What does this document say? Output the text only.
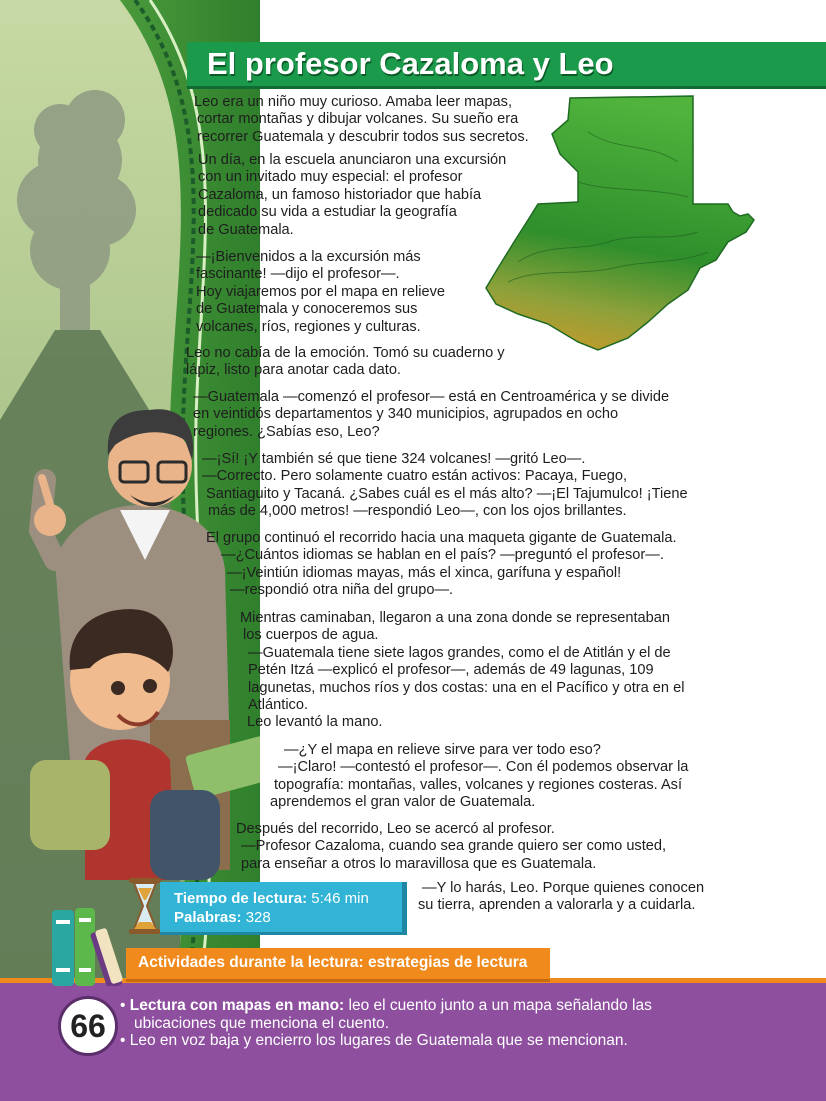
El profesor Cazaloma y Leo
Leo era un niño muy curioso. Amaba leer mapas,
cortar montañas y dibujar volcanes. Su sueño era
recorrer Guatemala y descubrir todos sus secretos.
Un día, en la escuela anunciaron una excursión
con un invitado muy especial: el profesor
Cazaloma, un famoso historiador que había
dedicado su vida a estudiar la geografía
de Guatemala.
—¡Bienvenidos a la excursión más
fascinante! —dijo el profesor—.
Hoy viajaremos por el mapa en relieve
de Guatemala y conoceremos sus
volcanes, ríos, regiones y culturas.
Leo no cabía de la emoción. Tomó su cuaderno y
lápiz, listo para anotar cada dato.
—Guatemala —comenzó el profesor— está en Centroamérica y se divide
en veintidós departamentos y 340 municipios, agrupados en ocho
regiones. ¿Sabías eso, Leo?
—¡Sí! ¡Y también sé que tiene 324 volcanes! —gritó Leo—.
—Correcto. Pero solamente cuatro están activos: Pacaya, Fuego,
Santiaguito y Tacaná. ¿Sabes cuál es el más alto? —¡El Tajumulco! ¡Tiene
más de 4,000 metros! —respondió Leo—, con los ojos brillantes.
El grupo continuó el recorrido hacia una maqueta gigante de Guatemala.
—¿Cuántos idiomas se hablan en el país? —preguntó el profesor—.
—¡Veintiún idiomas mayas, más el xinca, garífuna y español!
—respondió otra niña del grupo—.
Mientras caminaban, llegaron a una zona donde se representaban
los cuerpos de agua.
—Guatemala tiene siete lagos grandes, como el de Atitlán y el de
Petén Itzá —explicó el profesor—, además de 49 lagunas, 109
lagunetas, muchos ríos y dos costas: una en el Pacífico y otra en el
Atlántico.
Leo levantó la mano.
—¿Y el mapa en relieve sirve para ver todo eso?
—¡Claro! —contestó el profesor—. Con él podemos observar la
topografía: montañas, valles, volcanes y regiones costeras. Así
aprendemos el gran valor de Guatemala.
Después del recorrido, Leo se acercó al profesor.
—Profesor Cazaloma, cuando sea grande quiero ser como usted,
para enseñar a otros lo maravillosa que es Guatemala.
—Y lo harás, Leo. Porque quienes conocen
su tierra, aprenden a valorarla y a cuidarla.
Tiempo de lectura: 5:46 min
Palabras: 328
Actividades durante la lectura: estrategias de lectura
66
• Lectura con mapas en mano: leo el cuento junto a un mapa señalando las
ubicaciones que menciona el cuento.
• Leo en voz baja y encierro los lugares de Guatemala que se mencionan.
